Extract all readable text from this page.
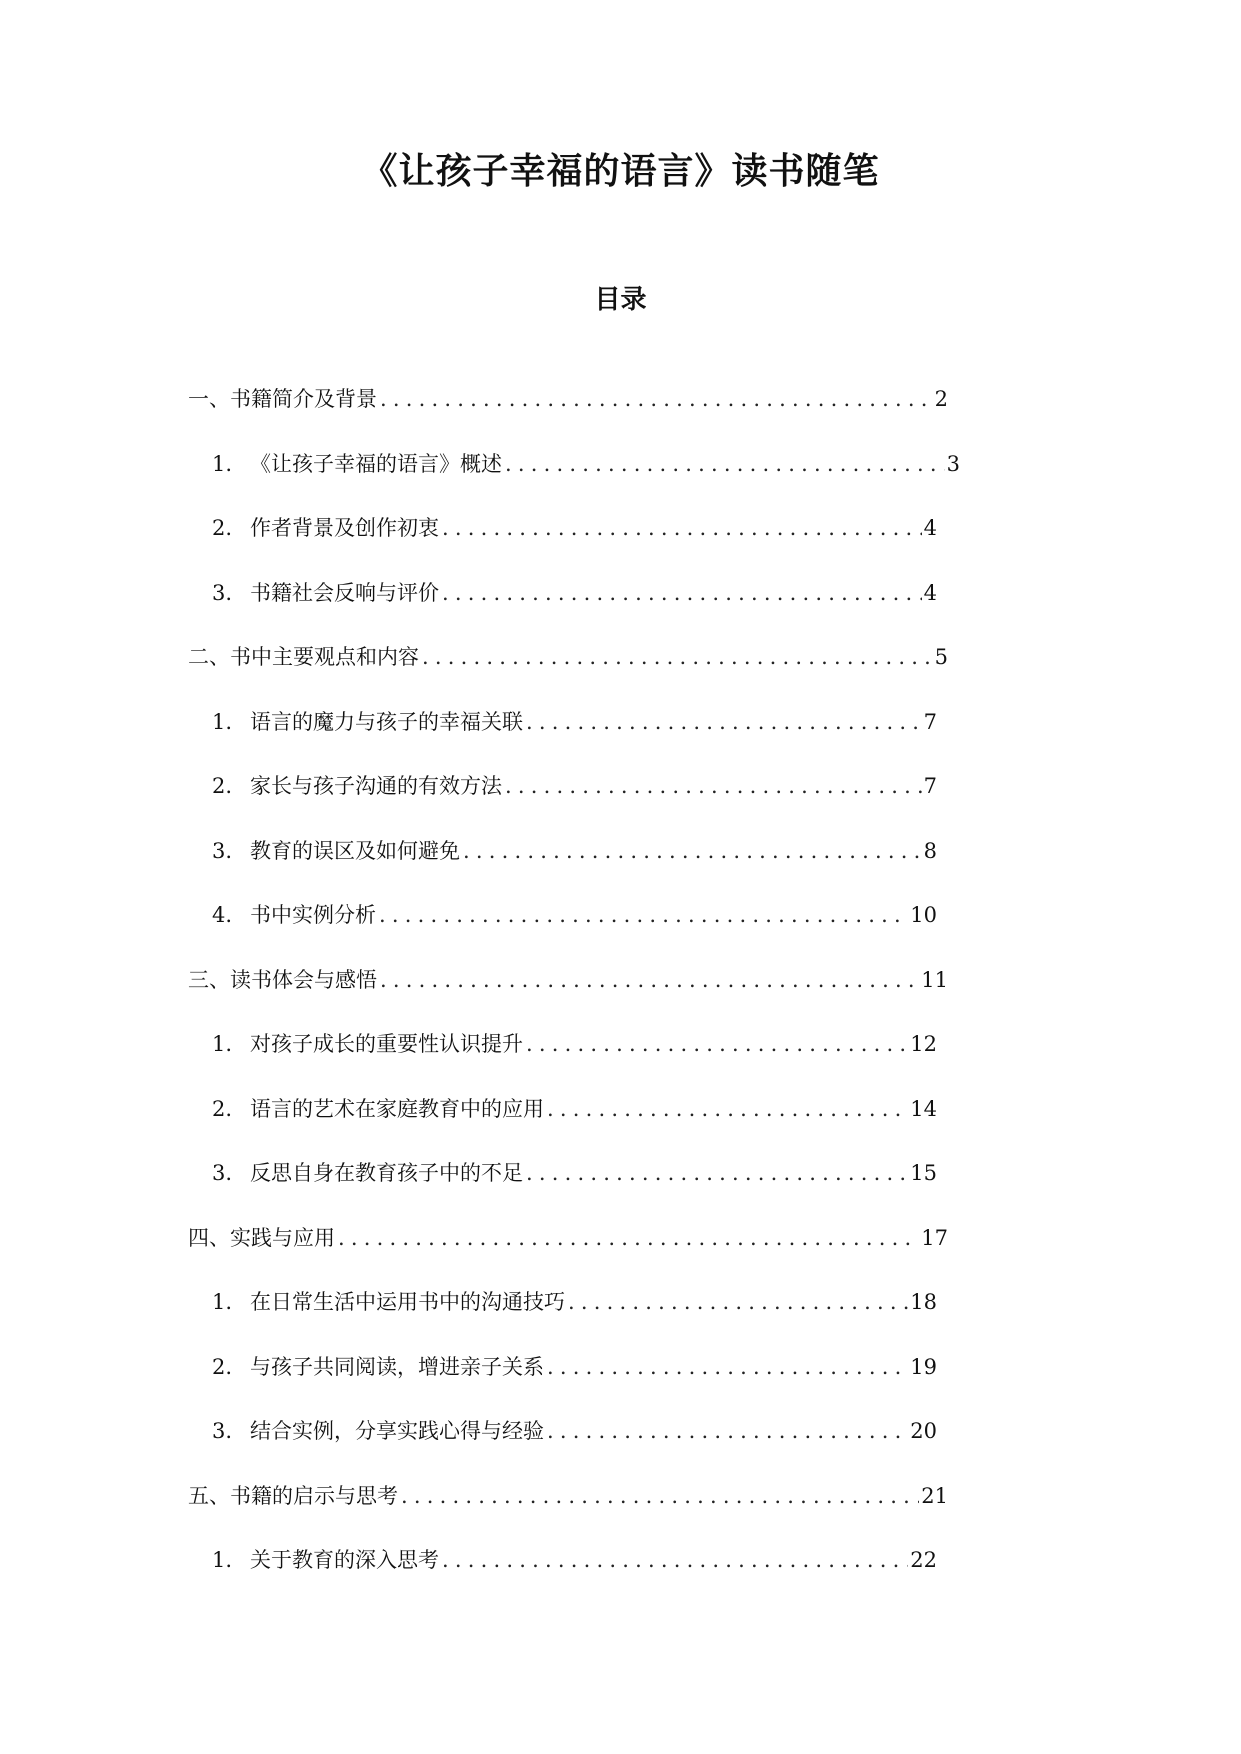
《让孩子幸福的语言》读书随笔
目录
一、书籍简介及背景 .....	2
1. 《让孩子幸福的语言》概述 .....	3
2. 作者背景及创作初衷 .....	4
3. 书籍社会反响与评价 .....	4
二、书中主要观点和内容 .....	5
1. 语言的魔力与孩子的幸福关联 .....	7
2. 家长与孩子沟通的有效方法 .....	7
3. 教育的误区及如何避免 .....	8
4. 书中实例分析 .....	10
三、读书体会与感悟 .....	11
1. 对孩子成长的重要性认识提升 .....	12
2. 语言的艺术在家庭教育中的应用 .....	14
3. 反思自身在教育孩子中的不足 .....	15
四、实践与应用 .....	17
1. 在日常生活中运用书中的沟通技巧 .....	18
2. 与孩子共同阅读，增进亲子关系 .....	19
3. 结合实例，分享实践心得与经验 .....	20
五、书籍的启示与思考 .....	21
1. 关于教育的深入思考 .....	22
